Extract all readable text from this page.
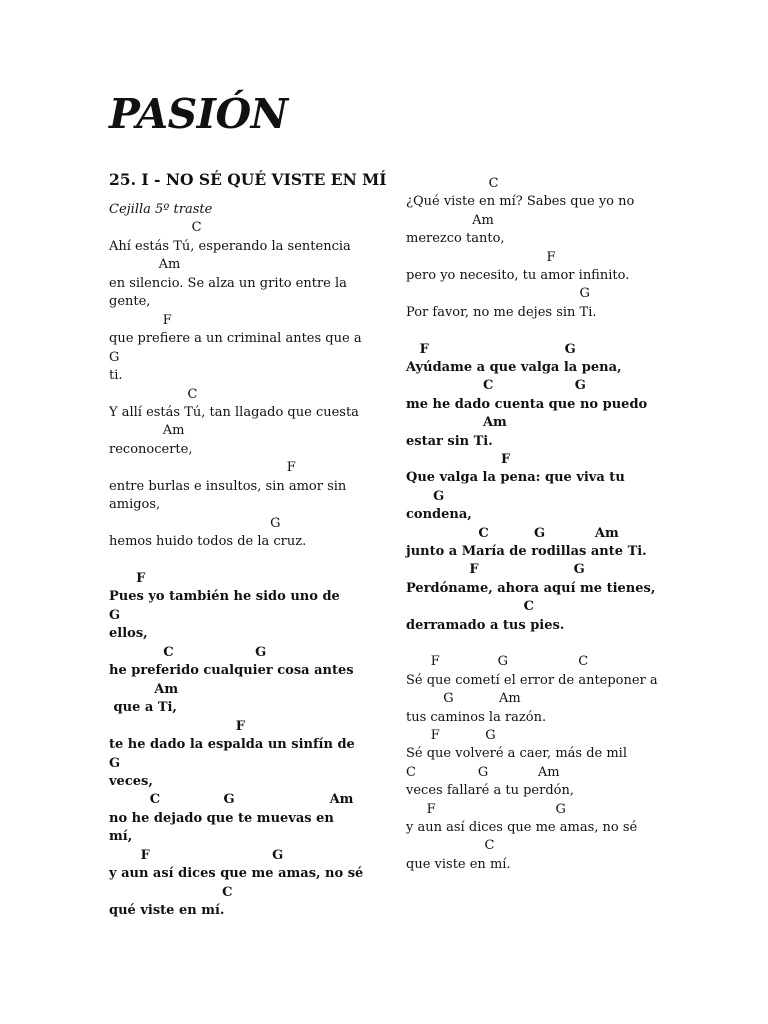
PASIÓN
25. I - NO SÉ QUÉ VISTE EN MÍ
Cejilla 5º traste
C
Ahí estás Tú, esperando la sentencia
Am
en silencio. Se alza un grito entre la
gente,
F
que prefiere a un criminal antes que a
G
ti.
C
Y allí estás Tú, tan llagado que cuesta
Am
reconocerte,
F
entre burlas e insultos, sin amor sin
amigos,
G
hemos huido todos de la cruz.
F
Pues yo también he sido uno de
G
ellos,
C                  G
he preferido cualquier cosa antes
Am
que a Ti,
F
te he dado la espalda un sinfín de
G
veces,
C              G                     Am
no he dejado que te muevas en
mí,
F                           G
y aun así dices que me amas, no sé
C
qué viste en mí.
C
¿Qué viste en mí? Sabes que yo no
Am
merezco tanto,
F
pero yo necesito, tu amor infinito.
G
Por favor, no me dejes sin Ti.
F                              G
Ayúdame a que valga la pena,
C                  G
me he dado cuenta que no puedo
Am
estar sin Ti.
F
Que valga la pena: que viva tu
G
condena,
C          G           Am
junto a María de rodillas ante Ti.
F                     G
Perdóname, ahora aquí me tienes,
C
derramado a tus pies.
F              G                 C
Sé que cometí el error de anteponer a
G           Am
tus caminos la razón.
F           G
Sé que volveré a caer, más de mil
C               G            Am
veces fallaré a tu perdón,
F                             G
y aun así dices que me amas, no sé
C
que viste en mí.
